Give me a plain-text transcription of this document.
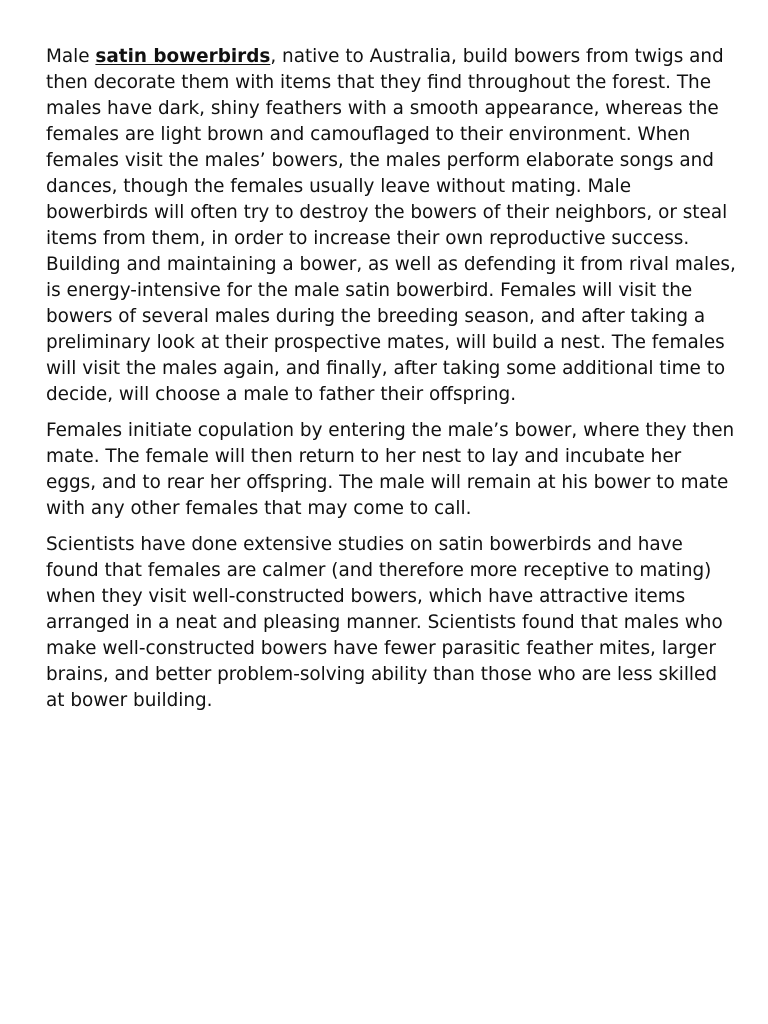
Male satin bowerbirds, native to Australia, build bowers from twigs and then decorate them with items that they find throughout the forest. The males have dark, shiny feathers with a smooth appearance, whereas the females are light brown and camouflaged to their environment. When females visit the males’ bowers, the males perform elaborate songs and dances, though the females usually leave without mating. Male bowerbirds will often try to destroy the bowers of their neighbors, or steal items from them, in order to increase their own reproductive success. Building and maintaining a bower, as well as defending it from rival males, is energy-intensive for the male satin bowerbird. Females will visit the bowers of several males during the breeding season, and after taking a preliminary look at their prospective mates, will build a nest. The females will visit the males again, and finally, after taking some additional time to decide, will choose a male to father their offspring.

Females initiate copulation by entering the male’s bower, where they then mate. The female will then return to her nest to lay and incubate her eggs, and to rear her offspring. The male will remain at his bower to mate with any other females that may come to call.

Scientists have done extensive studies on satin bowerbirds and have found that females are calmer (and therefore more receptive to mating) when they visit well-constructed bowers, which have attractive items arranged in a neat and pleasing manner. Scientists found that males who make well-constructed bowers have fewer parasitic feather mites, larger brains, and better problem-solving ability than those who are less skilled at bower building.
